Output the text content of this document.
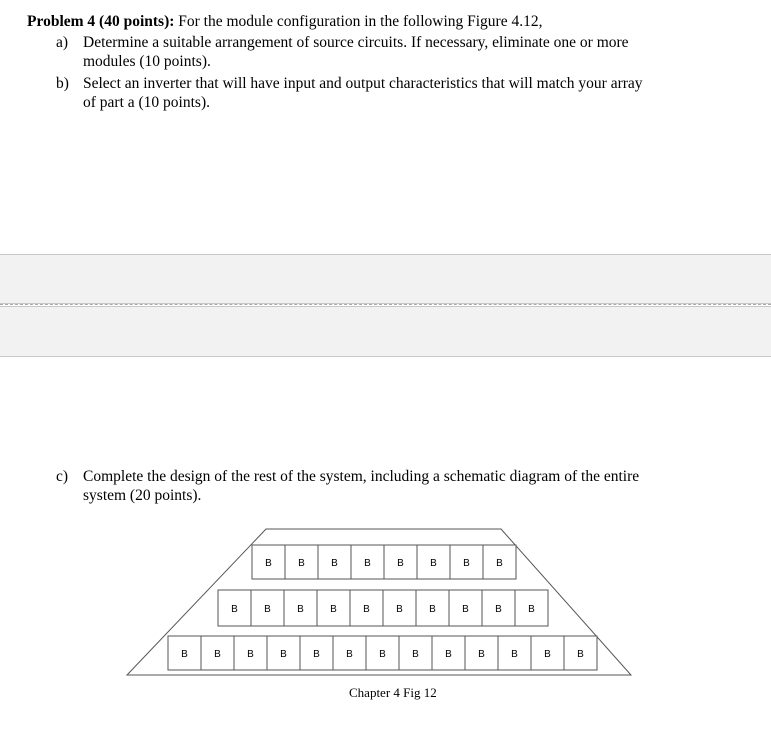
Problem 4 (40 points): For the module configuration in the following Figure 4.12,
a) Determine a suitable arrangement of source circuits. If necessary, eliminate one or more
modules (10 points).
b) Select an inverter that will have input and output characteristics that will match your array
of part a (10 points).
c) Complete the design of the rest of the system, including a schematic diagram of the entire
system (20 points).
B	B	B	B	B	B	B	B
B	B	B	B	B	B	B	B	B	B
B	B	B	B	B	B	B	B	B	B	B	B	B
Chapter 4 Fig 12
